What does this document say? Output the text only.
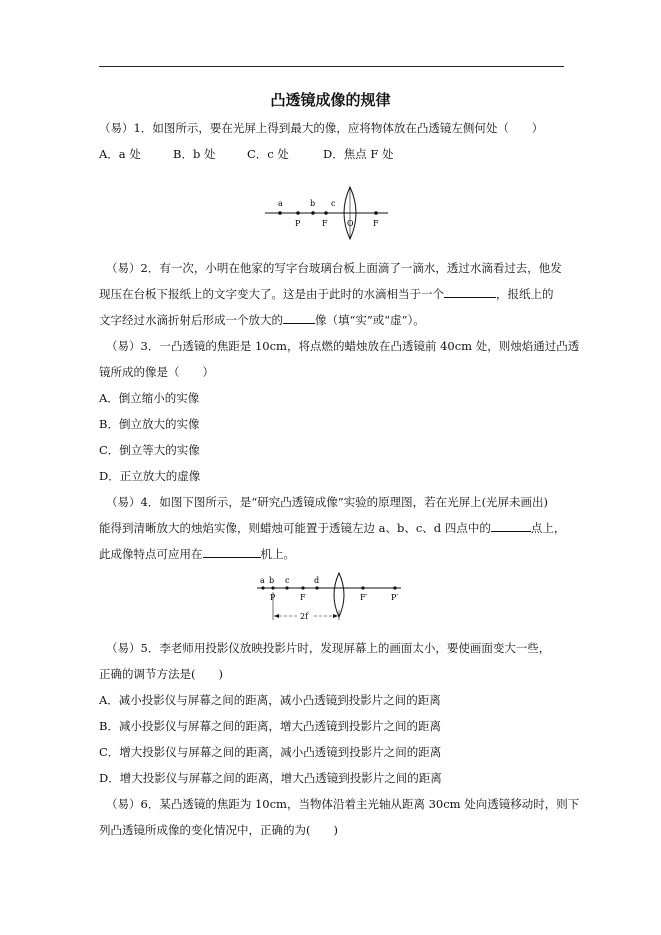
凸透镜成像的规律
（易）1．如图所示，要在光屏上得到最大的像，应将物体放在凸透镜左侧何处（　　）
A．a 处	B．b 处	C．c 处	D．焦点 F 处
a	b c
P	F O F
（易）2．有一次，小明在他家的写字台玻璃台板上面滴了一滴水，透过水滴看过去，他发
现压在台板下报纸上的文字变大了。这是由于此时的水滴相当于一个	，报纸上的
文字经过水滴折射后形成一个放大的	像（填“实”或“虚”）。
（易）3．一凸透镜的焦距是 10cm，将点燃的蜡烛放在凸透镜前 40cm 处，则烛焰通过凸透
镜所成的像是（　　）
A．倒立缩小的实像
B．倒立放大的实像
C．倒立等大的实像
D．正立放大的虚像
（易）4．如图下图所示，是“研究凸透镜成像”实验的原理图，若在光屏上(光屏未画出)
能得到清晰放大的烛焰实像，则蜡烛可能置于透镜左边 a、b、c、d 四点中的	点上，
此成像特点可应用在	机上。
a b c	d
P	F	F′	P′
2f
（易）5．李老师用投影仪放映投影片时，发现屏幕上的画面太小，要使画面变大一些，
正确的调节方法是(　　)
A．减小投影仪与屏幕之间的距离，减小凸透镜到投影片之间的距离
B．减小投影仪与屏幕之间的距离，增大凸透镜到投影片之间的距离
C．增大投影仪与屏幕之间的距离，减小凸透镜到投影片之间的距离
D．增大投影仪与屏幕之间的距离，增大凸透镜到投影片之间的距离
（易）6．某凸透镜的焦距为 10cm，当物体沿着主光轴从距离 30cm 处向透镜移动时，则下
列凸透镜所成像的变化情况中，正确的为(　　)
